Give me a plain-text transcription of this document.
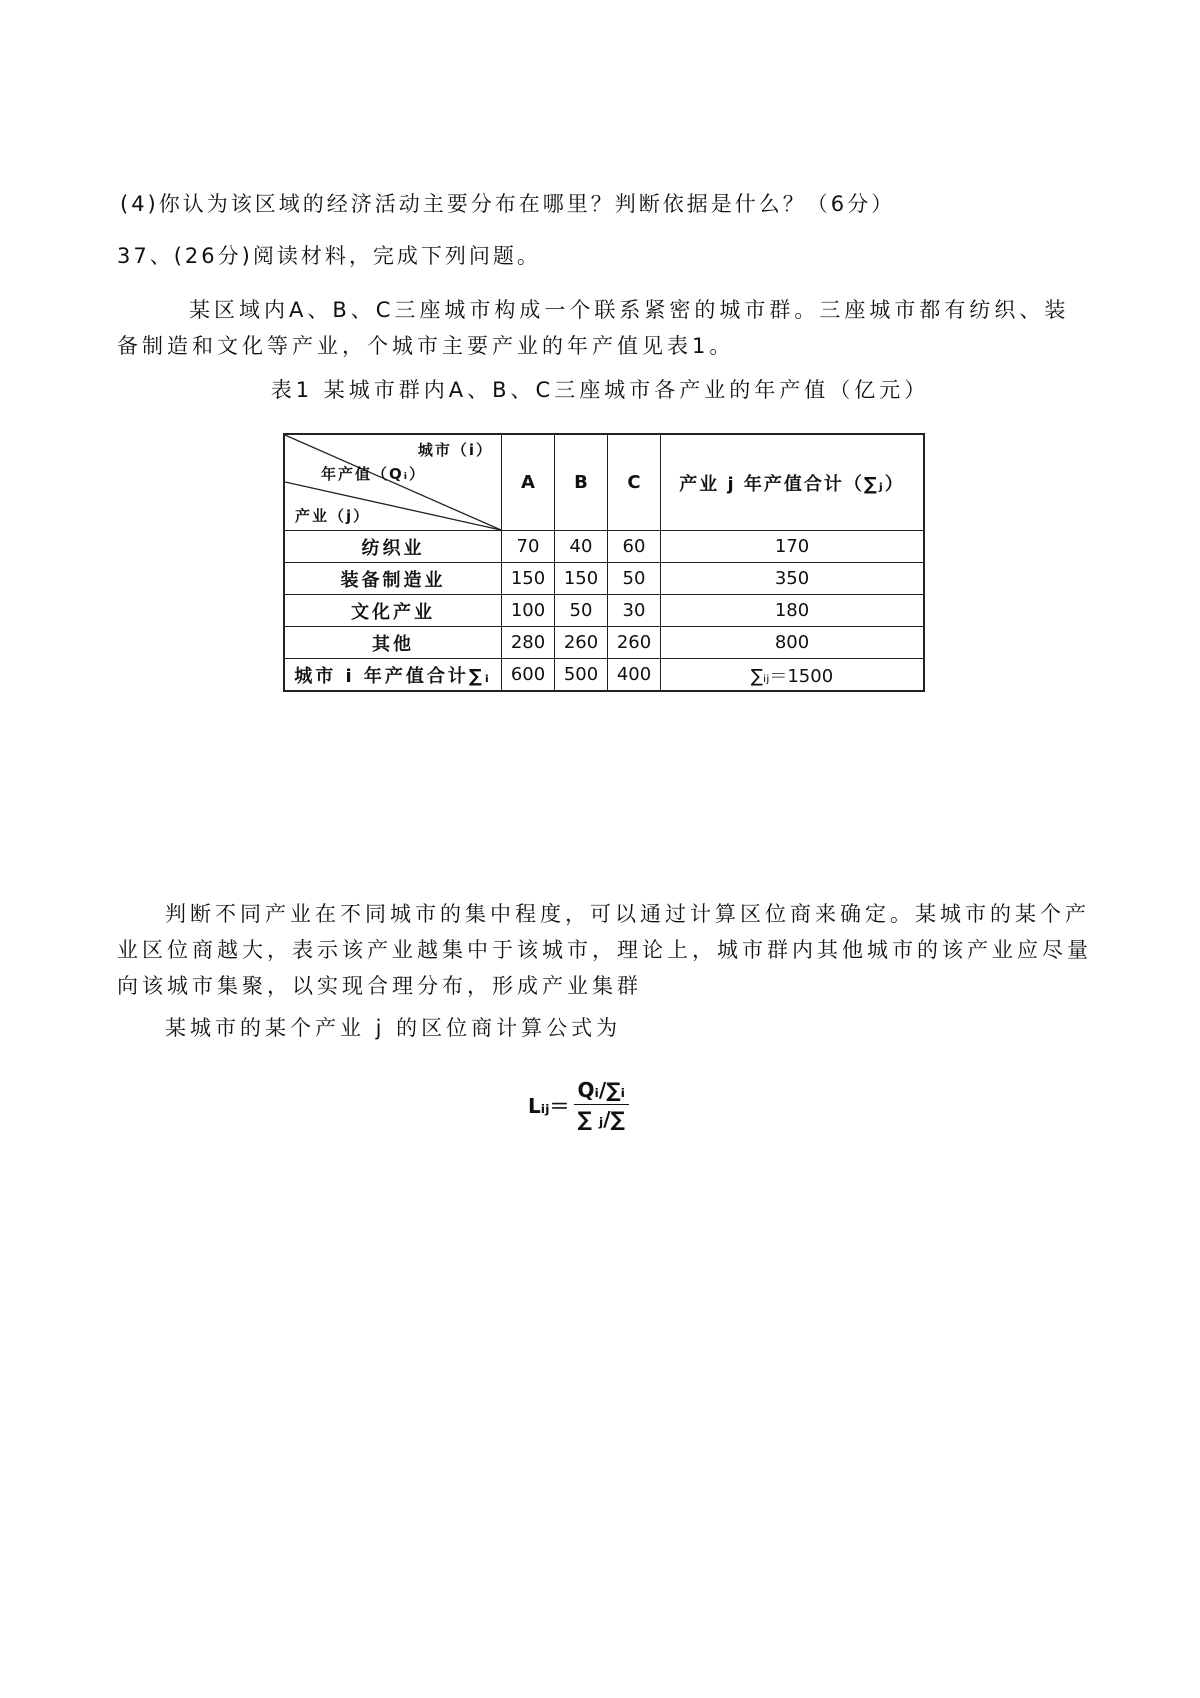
(4)你认为该区域的经济活动主要分布在哪里？判断依据是什么？（6分）
37、(26分)阅读材料，完成下列问题。
某区域内A、B、C三座城市构成一个联系紧密的城市群。三座城市都有纺织、装备制造和文化等产业，个城市主要产业的年产值见表1。
表1 某城市群内A、B、C三座城市各产业的年产值（亿元）
城市（i）
年产值（Qᵢ）
产业（j）	A	B	C	产业 j 年产值合计（∑ⱼ）
纺织业	70	40	60	170
装备制造业	150	150	50	350
文化产业	100	50	30	180
其他	280	260	260	800
城市 i 年产值合计∑ᵢ	600	500	400	∑ᵢⱼ＝1500
判断不同产业在不同城市的集中程度，可以通过计算区位商来确定。某城市的某个产业区位商越大，表示该产业越集中于该城市，理论上，城市群内其他城市的该产业应尽量向该城市集聚，以实现合理分布，形成产业集群
某城市的某个产业 j 的区位商计算公式为
Lᵢⱼ＝ $\frac{\text{Qᵢ/∑ᵢ}}{\text{∑ ⱼ/∑}}$
